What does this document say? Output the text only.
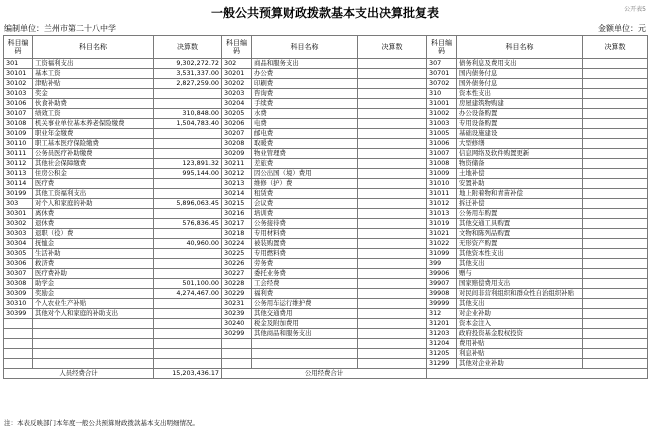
一般公共预算财政拨款基本支出决算批复表	公开表5
编制单位：兰州市第二十八中学	金额单位：元
科目编码	科目名称	决算数	科目编码	科目名称	决算数	科目编码	科目名称	决算数
301	工资福利支出	9,302,272.72	302	商品和服务支出		307	债务利息及费用支出	
30101	基本工资	3,531,337.00	30201	办公费		30701	国内债务付息	
30102	津贴补贴	2,827,259.00	30202	印刷费		30702	国外债务付息	
30103	奖金		30203	咨询费		310	资本性支出	
30106	伙食补助费		30204	手续费		31001	房屋建筑物购建	
30107	绩效工资	310,848.00	30205	水费		31002	办公设备购置	
30108	机关事业单位基本养老保险缴费	1,504,783.40	30206	电费		31003	专用设备购置	
30109	职业年金缴费		30207	邮电费		31005	基础设施建设	
30110	职工基本医疗保险缴费		30208	取暖费		31006	大型修缮	
30111	公务员医疗补助缴费		30209	物业管理费		31007	信息网络及软件购置更新	
30112	其他社会保障缴费	123,891.32	30211	差旅费		31008	物资储备	
30113	住房公积金	995,144.00	30212	因公出国（境）费用		31009	土地补偿	
30114	医疗费		30213	维修（护）费		31010	安置补助	
30199	其他工资福利支出		30214	租赁费		31011	地上附着物和青苗补偿	
303	对个人和家庭的补助	5,896,063.45	30215	会议费		31012	拆迁补偿	
30301	离休费		30216	培训费		31013	公务用车购置	
30302	退休费	576,836.45	30217	公务接待费		31019	其他交通工具购置	
30303	退职（役）费		30218	专用材料费		31021	文物和陈列品购置	
30304	抚恤金	40,960.00	30224	被装购置费		31022	无形资产购置	
30305	生活补助		30225	专用燃料费		31099	其他资本性支出	
30306	救济费		30226	劳务费		399	其他支出	
30307	医疗费补助		30227	委托业务费		39906	赠与	
30308	助学金	501,100.00	30228	工会经费		39907	国家赔偿费用支出	
30309	奖励金	4,274,467.00	30229	福利费		39908	对民间非营利组织和群众性自治组织补贴	
30310	个人农业生产补贴		30231	公务用车运行维护费		39999	其他支出	
30399	其他对个人和家庭的补助支出		30239	其他交通费用		312	对企业补助	
			30240	税金及附加费用		31201	资本金注入	
			30299	其他商品和服务支出		31203	政府投资基金股权投资	
						31204	费用补贴	
						31205	利息补贴	
						31299	其他对企业补助	
人员经费合计		15,203,436.17	公用经费合计					
注：本表反映部门本年度一般公共预算财政拨款基本支出明细情况。
